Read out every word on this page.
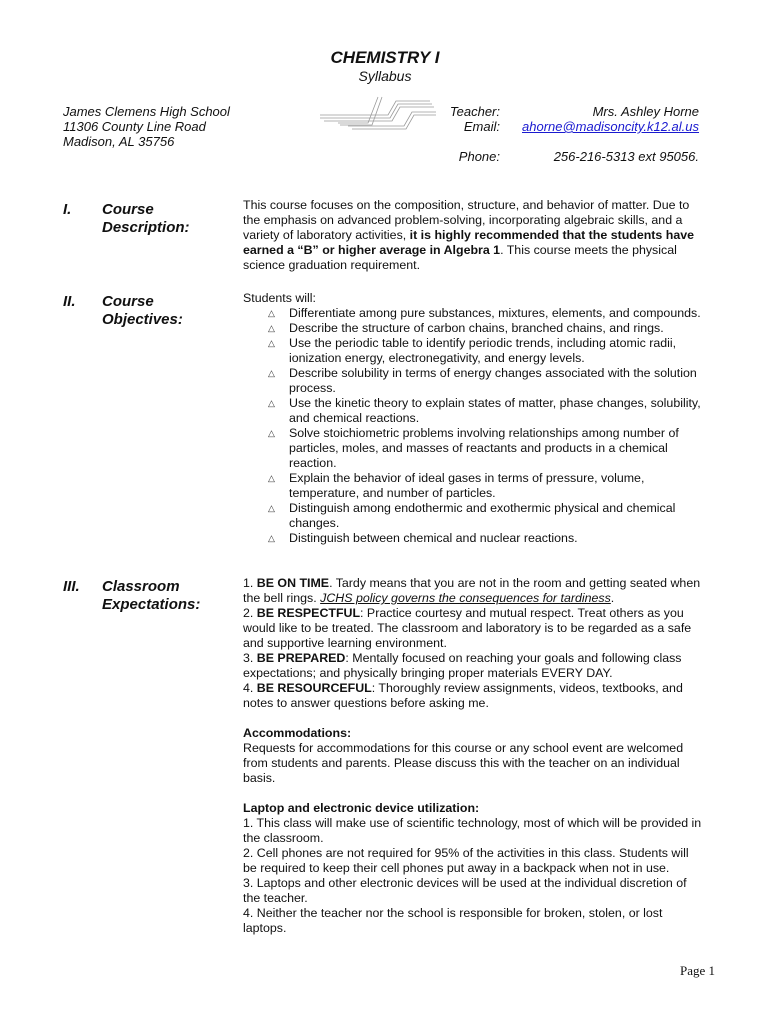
CHEMISTRY I
Syllabus
James Clemens High School
11306 County Line Road
Madison, AL 35756
Teacher:	Mrs. Ashley Horne
Email:	ahorne@madisoncity.k12.al.us
Phone:	256-216-5313 ext 95056.
I. Course
Description:

This course focuses on the composition, structure, and behavior of matter. Due to the emphasis on advanced problem-solving, incorporating algebraic skills, and a variety of laboratory activities, it is highly recommended that the students have earned a “B” or higher average in Algebra 1. This course meets the physical science graduation requirement.

II. Course
Objectives:

Students will:

△ Differentiate among pure substances, mixtures, elements, and compounds.
△ Describe the structure of carbon chains, branched chains, and rings.
△ Use the periodic table to identify periodic trends, including atomic radii, ionization energy, electronegativity, and energy levels.
△ Describe solubility in terms of energy changes associated with the solution process.
△ Use the kinetic theory to explain states of matter, phase changes, solubility, and chemical reactions.
△ Solve stoichiometric problems involving relationships among number of particles, moles, and masses of reactants and products in a chemical reaction.
△ Explain the behavior of ideal gases in terms of pressure, volume, temperature, and number of particles.
△ Distinguish among endothermic and exothermic physical and chemical changes.
△ Distinguish between chemical and nuclear reactions.
III. Classroom
Expectations:

1. BE ON TIME. Tardy means that you are not in the room and getting seated when the bell rings. JCHS policy governs the consequences for tardiness.

2. BE RESPECTFUL: Practice courtesy and mutual respect. Treat others as you would like to be treated. The classroom and laboratory is to be regarded as a safe and supportive learning environment.

3. BE PREPARED: Mentally focused on reaching your goals and following class expectations; and physically bringing proper materials EVERY DAY.

4. BE RESOURCEFUL: Thoroughly review assignments, videos, textbooks, and notes to answer questions before asking me.

Accommodations:

Requests for accommodations for this course or any school event are welcomed from students and parents. Please discuss this with the teacher on an individual basis.

Laptop and electronic device utilization:

1. This class will make use of scientific technology, most of which will be provided in the classroom.

2. Cell phones are not required for 95% of the activities in this class. Students will be required to keep their cell phones put away in a backpack when not in use.

3. Laptops and other electronic devices will be used at the individual discretion of the teacher.

4. Neither the teacher nor the school is responsible for broken, stolen, or lost laptops.

Page 1
